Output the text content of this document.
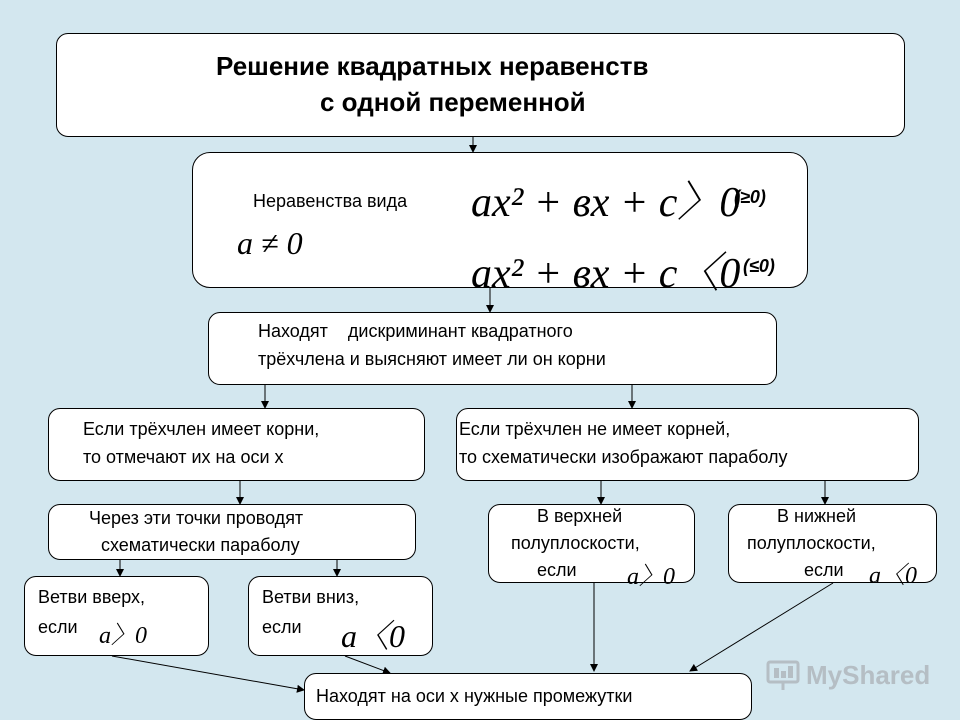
Решение квадратных неравенств
с одной переменной
Неравенства вида
a ≠ 0
ax² + вx + c〉0
ax² + вx + c〈0
(≥0)
(≤0)
Находят    дискриминант квадратного
трёхчлена и выясняют имеет ли он корни
Если трёхчлен имеет корни,
то отмечают их на оси х
Если трёхчлен не имеет корней,
то схематически изображают параболу
Через эти точки проводят
схематически параболу
В верхней
полуплоскости,
если a〉0
В нижней
полуплоскости,
если a〈0
Ветви вверх,
если a〉0
Ветви вниз,
если a〈0
Находят на оси х нужные промежутки
MyShared
